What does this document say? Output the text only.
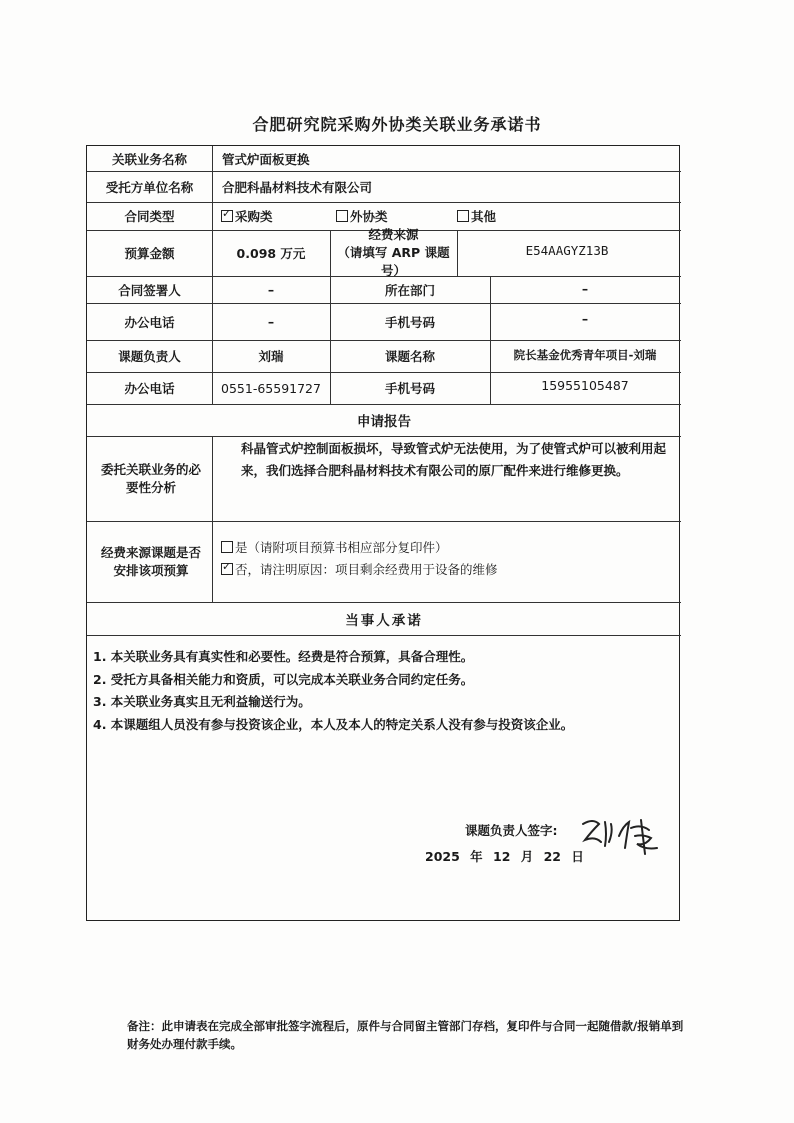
合肥研究院采购外协类关联业务承诺书
关联业务名称	管式炉面板更换
受托方单位名称	合肥科晶材料技术有限公司
合同类型
✓	采购类	外协类	其他
预算金额	0.098 万元
经费来源
（请填写 ARP 课题号）
E54AAGYZ13B
合同签署人	–	所在部门	–
办公电话	–	手机号码	–
课题负责人	刘瑞	课题名称	院长基金优秀青年项目-刘瑞
办公电话	0551-65591727	手机号码	15955105487
申请报告
委托关联业务的必要性分析
科晶管式炉控制面板损坏，导致管式炉无法使用，为了使管式炉可以被利用起来，我们选择合肥科晶材料技术有限公司的原厂配件来进行维修更换。
经费来源课题是否安排该项预算
是（请附项目预算书相应部分复印件）
✓
否，请注明原因：项目剩余经费用于设备的维修
当事人承诺
1. 本关联业务具有真实性和必要性。经费是符合预算，具备合理性。
2. 受托方具备相关能力和资质，可以完成本关联业务合同约定任务。
3. 本关联业务真实且无利益输送行为。
4. 本课题组人员没有参与投资该企业，本人及本人的特定关系人没有参与投资该企业。
课题负责人签字:
2025 年 12 月 22 日
备注：此申请表在完成全部审批签字流程后，原件与合同留主管部门存档，复印件与合同一起随借款/报销单到财务处办理付款手续。
